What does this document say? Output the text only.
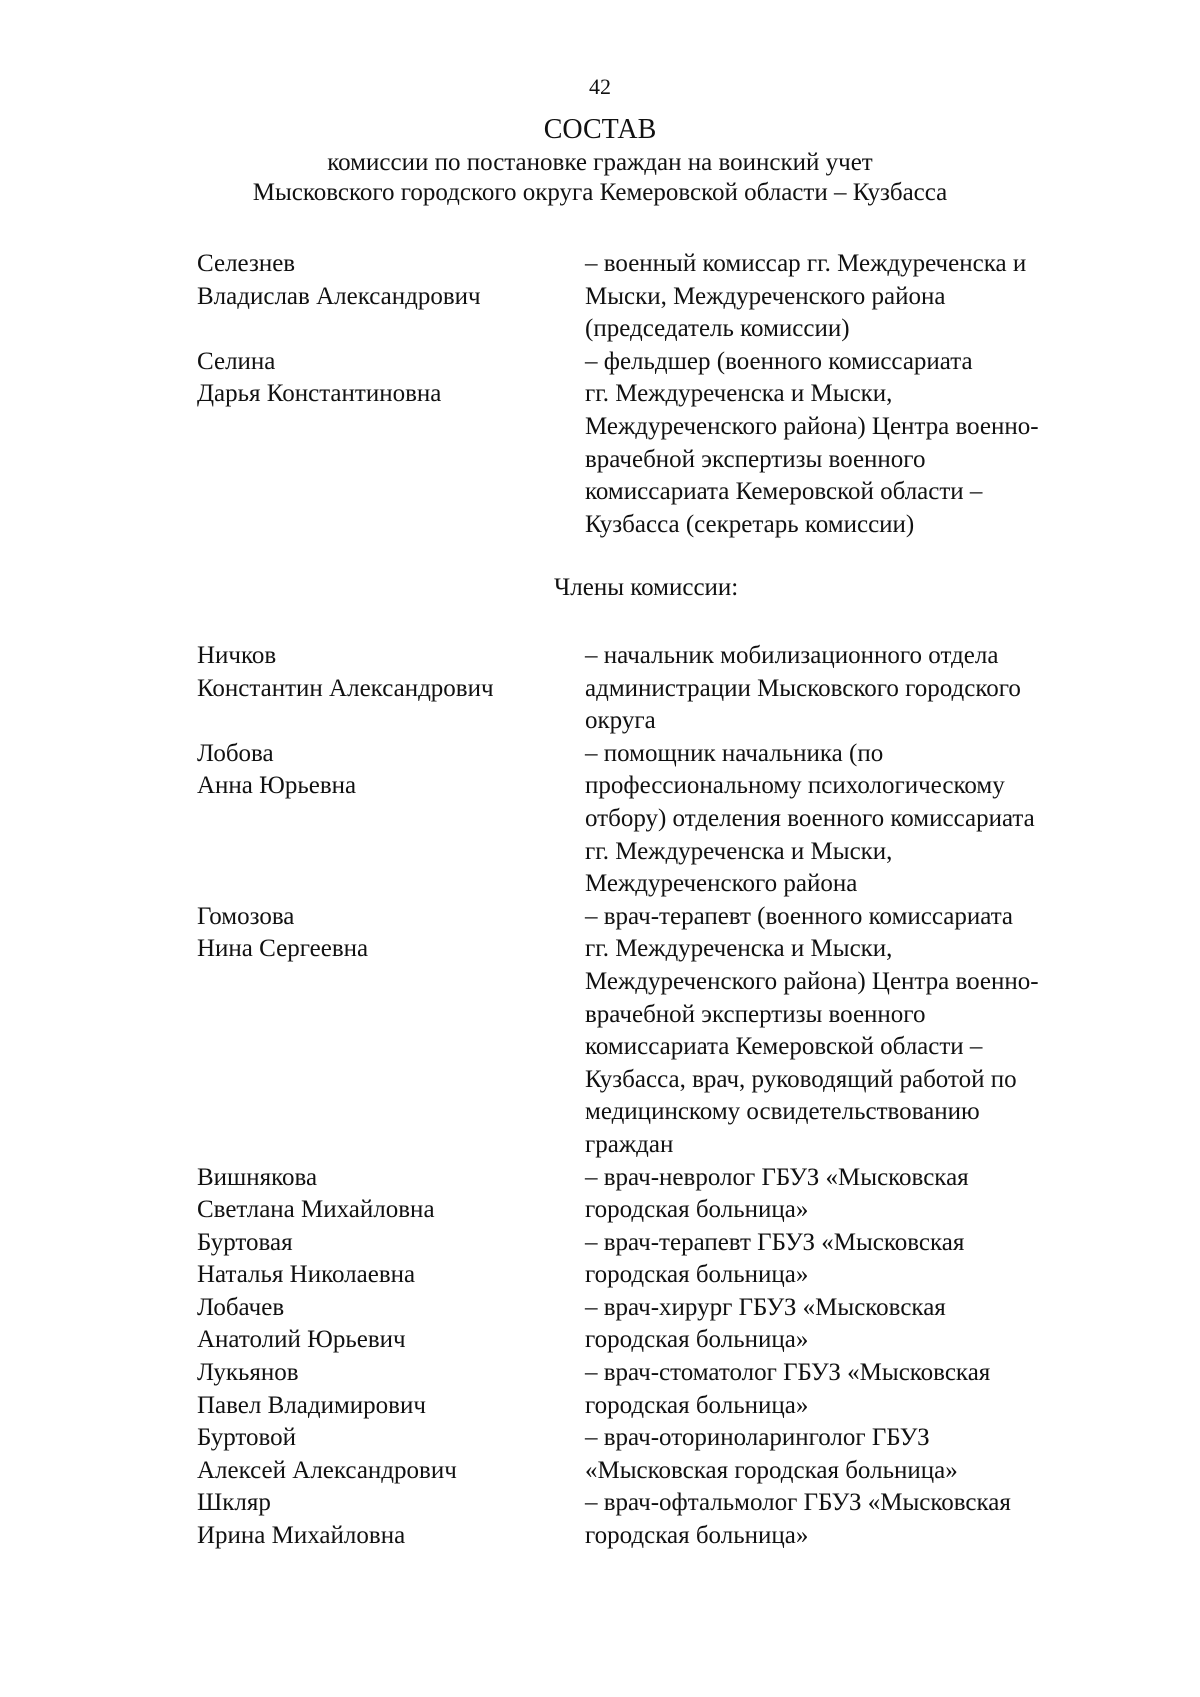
42
СОСТАВ
комиссии по постановке граждан на воинский учет
Мысковского городского округа Кемеровской области – Кузбасса
Селезнев
Владислав Александрович
– военный комиссар гг. Междуреченска и
Мыски, Междуреченского района
(председатель комиссии)
Селина
Дарья Константиновна
– фельдшер (военного комиссариата
гг. Междуреченска и Мыски,
Междуреченского района) Центра военно-
врачебной экспертизы военного
комиссариата Кемеровской области –
Кузбасса (секретарь комиссии)
Члены комиссии:
Ничков
Константин Александрович
– начальник мобилизационного отдела
администрации Мысковского городского
округа
Лобова
Анна Юрьевна
– помощник начальника (по
профессиональному психологическому
отбору) отделения военного комиссариата
гг. Междуреченска и Мыски,
Междуреченского района
Гомозова
Нина Сергеевна
– врач-терапевт (военного комиссариата
гг. Междуреченска и Мыски,
Междуреченского района) Центра военно-
врачебной экспертизы военного
комиссариата Кемеровской области –
Кузбасса, врач, руководящий работой по
медицинскому освидетельствованию
граждан
Вишнякова
Светлана Михайловна
– врач-невролог ГБУЗ «Мысковская
городская больница»
Буртовая
Наталья Николаевна
– врач-терапевт ГБУЗ «Мысковская
городская больница»
Лобачев
Анатолий Юрьевич
– врач-хирург ГБУЗ «Мысковская
городская больница»
Лукьянов
Павел Владимирович
– врач-стоматолог ГБУЗ «Мысковская
городская больница»
Буртовой
Алексей Александрович
– врач-оториноларинголог ГБУЗ
«Мысковская городская больница»
Шкляр
Ирина Михайловна
– врач-офтальмолог ГБУЗ «Мысковская
городская больница»
